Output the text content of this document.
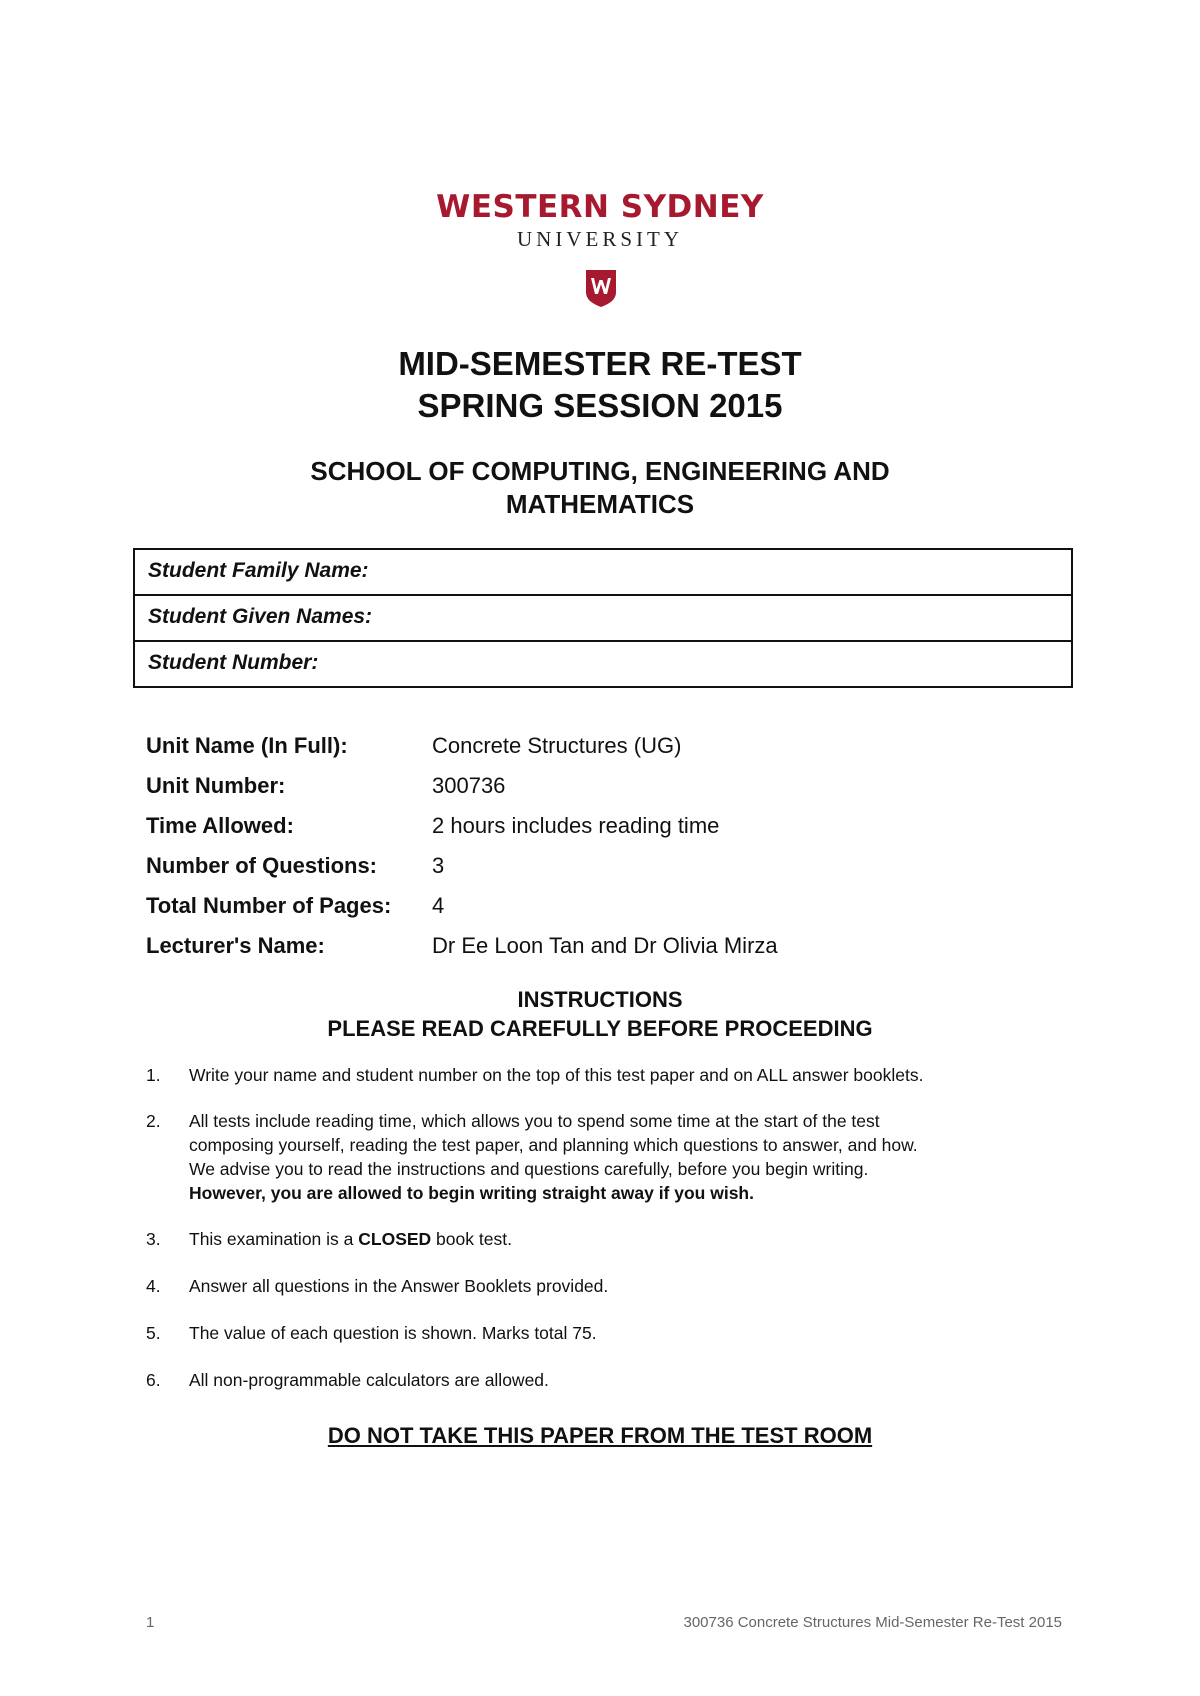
WESTERN SYDNEY
UNIVERSITY
MID-SEMESTER RE-TEST
SPRING SESSION 2015
SCHOOL OF COMPUTING, ENGINEERING AND
MATHEMATICS
Student Family Name:
Student Given Names:
Student Number:
Unit Name (In Full):	Concrete Structures (UG)
Unit Number:	300736
Time Allowed:	2 hours includes reading time
Number of Questions: 3
Total Number of Pages: 4
Lecturer's Name:	Dr Ee Loon Tan and Dr Olivia Mirza
INSTRUCTIONS
PLEASE READ CAREFULLY BEFORE PROCEEDING
1.	Write your name and student number on the top of this test paper and on ALL answer booklets.
2.	All tests include reading time, which allows you to spend some time at the start of the test
composing yourself, reading the test paper, and planning which questions to answer, and how.
We advise you to read the instructions and questions carefully, before you begin writing.
However, you are allowed to begin writing straight away if you wish.
3.	This examination is a CLOSED book test.
4.	Answer all questions in the Answer Booklets provided.
5.	The value of each question is shown. Marks total 75.
6.	All non-programmable calculators are allowed.
DO NOT TAKE THIS PAPER FROM THE TEST ROOM
1	300736 Concrete Structures Mid-Semester Re-Test 2015
